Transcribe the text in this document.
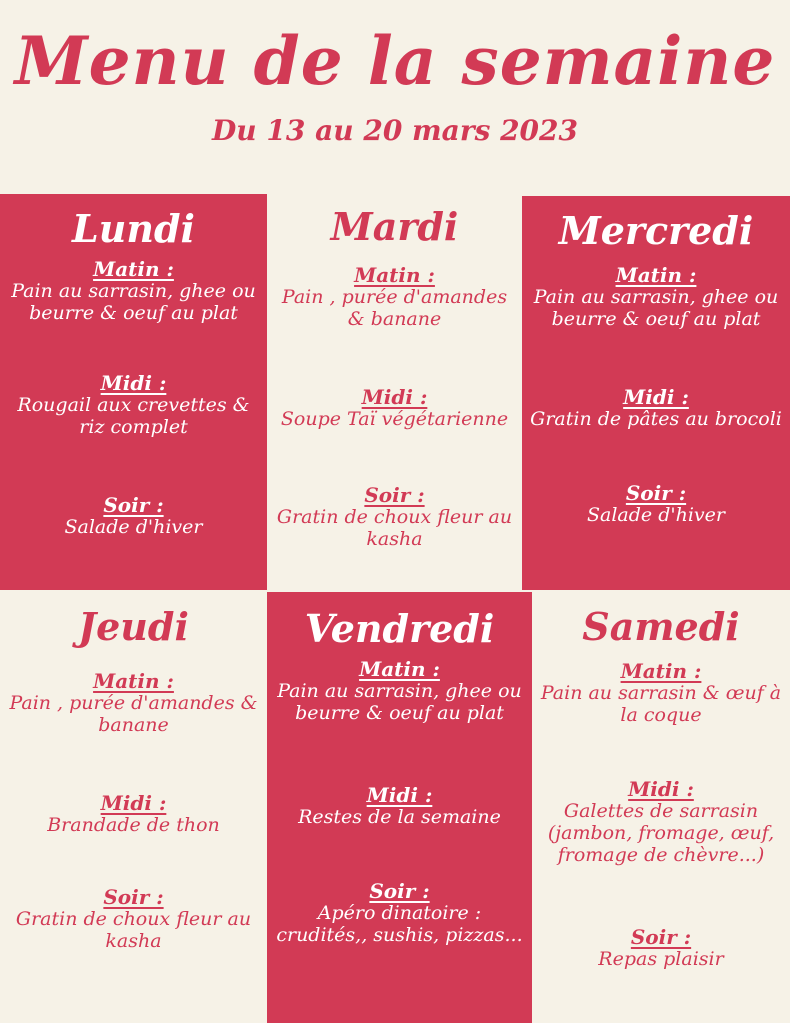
Menu de la semaine
Du 13 au 20 mars 2023
Lundi
Matin :
Pain au sarrasin, ghee ou beurre & oeuf au plat
Midi :
Rougail aux crevettes & riz complet
Soir :
Salade d'hiver
Mardi
Matin :
Pain , purée d'amandes & banane
Midi :
Soupe Taï végétarienne
Soir :
Gratin de choux fleur au kasha
Mercredi
Matin :
Pain au sarrasin, ghee ou beurre & oeuf au plat
Midi :
Gratin de pâtes au brocoli
Soir :
Salade d'hiver
Jeudi
Matin :
Pain , purée d'amandes & banane
Midi :
Brandade de thon
Soir :
Gratin de choux fleur au kasha
Vendredi
Matin :
Pain au sarrasin, ghee ou beurre & oeuf au plat
Midi :
Restes de la semaine
Soir :
Apéro dinatoire : crudités,, sushis, pizzas...
Samedi
Matin :
Pain au sarrasin & œuf à la coque
Midi :
Galettes de sarrasin (jambon, fromage, œuf, fromage de chèvre...)
Soir :
Repas plaisir
